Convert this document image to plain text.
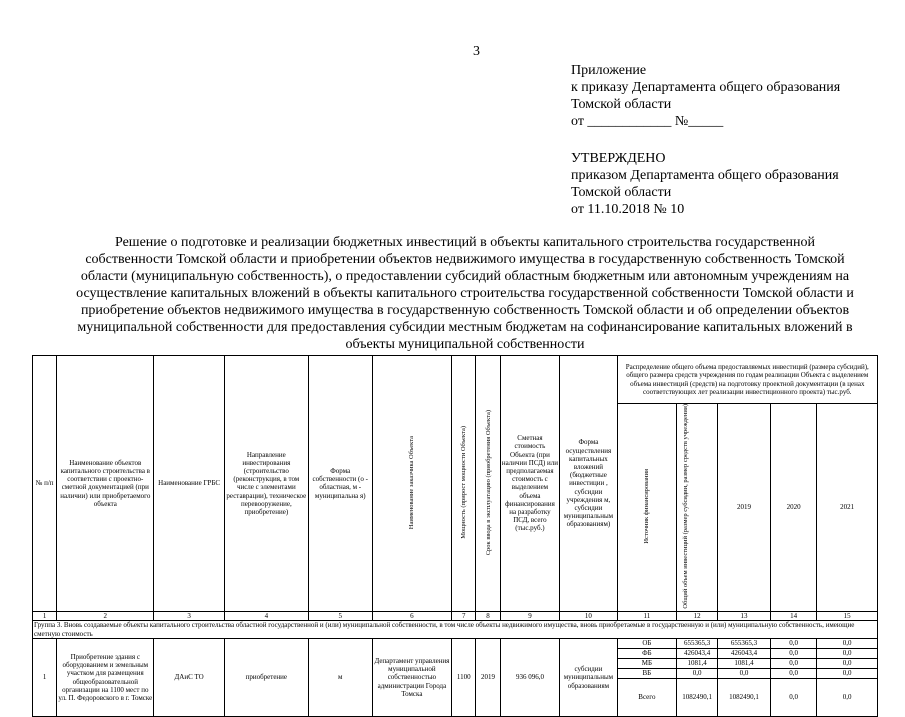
3
Приложение
к приказу Департамента общего образования
Томской области
от ____________ №_____
УТВЕРЖДЕНО
приказом Департамента общего образования
Томской области
от 11.10.2018 № 10
Решение о подготовке и реализации бюджетных инвестиций в объекты капитального строительства государственной собственности Томской области и приобретении объектов недвижимого имущества в государственную собственность Томской области (муниципальную собственность), о предоставлении субсидий областным бюджетным или автономным учреждениям на осуществление капитальных вложений в объекты капитального строительства государственной собственности Томской области и приобретение объектов недвижимого имущества в государственную собственность Томской области и об определении объектов муниципальной собственности для предоставления субсидии местным бюджетам на софинансирование капитальных вложений в объекты муниципальной собственности
№ п/п	Наименование объектов капитального строительства в соответствии с проектно-сметной документацией (при наличии) или приобретаемого объекта	Наименование ГРБС	Направление инвестирования (строительство (реконструкция, в том числе с элементами реставрации), техническое перевооружение, приобретение)	Форма собственности (о - областная, м - муниципальна я)	Наименование заказчика Объекта	Мощность (прирост мощности Объекта)	Срок ввода в эксплуатацию (приобретения Объекта)	Сметная стоимость Объекта (при наличии ПСД) или предполагаемая стоимость с выделением объема финансирования на разработку ПСД, всего (тыс.руб.)	Форма осуществления капитальных вложений (бюджетные инвестиции , субсидии учреждения м, субсидии муниципальным образованиям)	Распределение общего объема предоставляемых инвестиций (размера субсидий), общего размера средств учреждения по годам реализации Объекта с выделением объема инвестиций (средств) на подготовку проектной документации (в ценах соответствующих лет реализации инвестиционного проекта) тыс.руб.				
										Источник финансирования	Общий объем инвестиций (размер субсидии, размер средств учреждения)	2019	2020	2021
1	2	3	4	5	6	7	8	9	10	11	12	13	14	15
Группа 3. Вновь создаваемые объекты капитального строительства областной государственной и (или) муниципальной собственности, в том числе объекты недвижимого имущества, вновь приобретаемые в государственную и (или) муниципальную собственность, имеющие сметную стоимость														
1	Приобретение здания с оборудованием и земельным участком для размещения общеобразовательной организации на 1100 мест по ул. П. Федоровского в г. Томске	ДАиС ТО	приобретение	м	Департамент управления муниципальной собственностью администрации Города Томска	1100	2019	936 096,0	субсидии муниципальным образованиям	ОБ	655365,3	655365,3	0,0	0,0
										ФБ	426043,4	426043,4	0,0	0,0
										МБ	1081,4	1081,4	0,0	0,0
										ВБ	0,0	0,0	0,0	0,0
										Всего	1082490,1	1082490,1	0,0	0,0
